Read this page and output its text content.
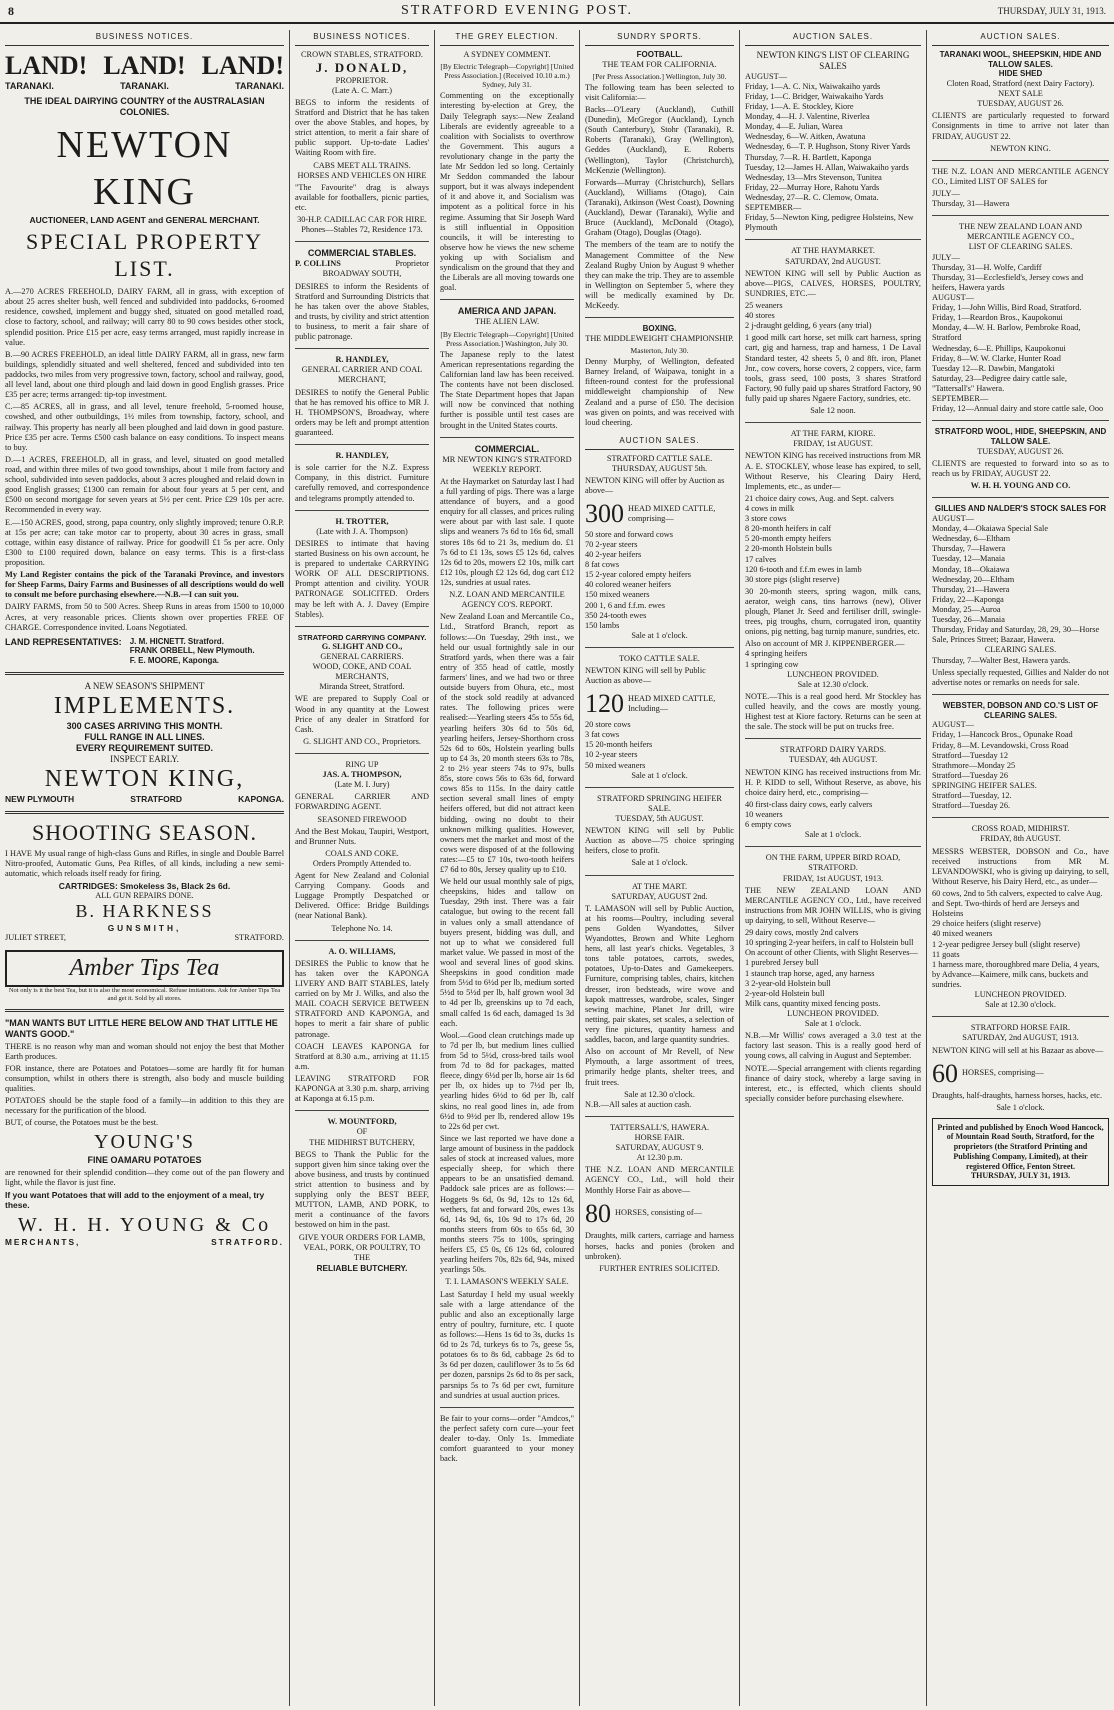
8	STRATFORD EVENING POST.	THURSDAY, JULY 31, 1913.
BUSINESS NOTICES.
LAND! LAND! LAND!
TARANAKI.	TARANAKI.	TARANAKI.
THE IDEAL DAIRYING COUNTRY of the AUSTRALASIAN COLONIES.
NEWTON KING
AUCTIONEER, LAND AGENT and GENERAL MERCHANT.
SPECIAL PROPERTY LIST.

A.—270 ACRES FREEHOLD, DAIRY FARM, all in grass, with exception of about 25 acres shelter bush, well fenced and subdivided into paddocks, 6-roomed residence, cowshed, implement and buggy shed, situated on good metalled road, close to factory, school, and railway; will carry 80 to 90 cows besides other stock, splendid position. Price £15 per acre, easy terms arranged, must rapidly increase in value.

B.—90 ACRES FREEHOLD, an ideal little DAIRY FARM, all in grass, new farm buildings, splendidly situated and well sheltered, fenced and subdivided into ten paddocks, two miles from very progressive town, factory, school and railway, good, all level land, about one third plough and laid down in good English grasses. Price £35 per acre; terms arranged: tip-top investment.

C.—85 ACRES, all in grass, and all level, tenure freehold, 5-roomed house, cowshed, and other outbuildings, 1½ miles from township, factory, school, and railway. This property has nearly all been ploughed and laid down in good pasture. Price £35 per acre. Terms £500 cash balance on easy conditions. To inspect means to buy.

D.—1 ACRES, FREEHOLD, all in grass, and level, situated on good metalled road, and within three miles of two good townships, about 1 mile from factory and school, subdivided into seven paddocks, about 3 acres ploughed and relaid down in good English grasses; £1300 can remain for about four years at 5 per cent, and £500 on second mortgage for seven years at 5½ per cent. Price £29 10s per acre. Recommended in every way.

E.—150 ACRES, good, strong, papa country, only slightly improved; tenure O.R.P. at 15s per acre; can take motor car to property, about 30 acres in grass, small cottage, within easy distance of railway. Price for goodwill £1 5s per acre. Only £300 to £100 required down, balance on easy terms. This is a first-class proposition.

My Land Register contains the pick of the Taranaki Province, and investors for Sheep Farms, Dairy Farms and Businesses of all descriptions would do well to consult me before purchasing elsewhere.—N.B.—I can suit you.

DAIRY FARMS, from 50 to 500 Acres. Sheep Runs in areas from 1500 to 10,000 Acres, at very reasonable prices. Clients shown over properties FREE OF CHARGE. Correspondence invited. Loans Negotiated.

LAND REPRESENTATIVES: J. M. HICNETT. Stratford.
FRANK ORBELL, New Plymouth.
F. E. MOORE, Kaponga.
A NEW SEASON'S SHIPMENT
IMPLEMENTS.
300 CASES ARRIVING THIS MONTH.
FULL RANGE IN ALL LINES.
EVERY REQUIREMENT SUITED.
INSPECT EARLY.
NEWTON KING,
NEW PLYMOUTH	STRATFORD	KAPONGA.
SHOOTING SEASON.

I HAVE My usual range of high-class Guns and Rifles, in single and Double Barrel Nitro-proofed, Automatic Guns, Pea Rifles, of all kinds, including a new semi-automatic, which reloads itself ready for firing.

CARTRIDGES: Smokeless 3s, Black 2s 6d.
ALL GUN REPAIRS DONE.
B. HARKNESS
GUNSMITH,
JULIET STREET,	STRATFORD.
Amber Tips Tea
Not only is it the best Tea, but it is also the most economical. Refuse imitations. Ask for Amber Tips Tea and get it. Sold by all stores.
"MAN WANTS BUT LITTLE HERE BELOW AND THAT LITTLE HE WANTS GOOD."

THERE is no reason why man and woman should not enjoy the best that Mother Earth produces.

FOR instance, there are Potatoes and Potatoes—some are hardly fit for human consumption, whilst in others there is strength, also body and muscle building qualities.

POTATOES should be the staple food of a family—in addition to this they are necessary for the purification of the blood.

BUT, of course, the Potatoes must be the best.

YOUNG'S
FINE OAMARU POTATOES

are renowned for their splendid condition—they come out of the pan flowery and light, while the flavor is just fine.

If you want Potatoes that will add to the enjoyment of a meal, try these.

W. H. H. YOUNG & Co
MERCHANTS,	STRATFORD.
BUSINESS NOTICES.
CROWN STABLES, STRATFORD.
J. DONALD,
PROPRIETOR.
(Late A. C. Marr.)

BEGS to inform the residents of Stratford and District that he has taken over the above Stables, and hopes, by strict attention, to merit a fair share of public support. Up-to-date Ladies' Waiting Room with fire.

CABS MEET ALL TRAINS.
HORSES AND VEHICLES ON HIRE

"The Favourite" drag is always available for footballers, picnic parties, etc.

30-H.P. CADILLAC CAR FOR HIRE.
Phones—Stables 72, Residence 173.
COMMERCIAL STABLES.
P. COLLINS	Proprietor
BROADWAY SOUTH,

DESIRES to inform the Residents of Stratford and Surrounding Districts that he has taken over the above Stables, and trusts, by civility and strict attention to business, to merit a fair share of public patronage.

R. HANDLEY,
GENERAL CARRIER AND COAL MERCHANT,

DESIRES to notify the General Public that he has removed his office to MR J. H. THOMPSON'S, Broadway, where orders may be left and prompt attention guaranteed.

R. HANDLEY,

is sole carrier for the N.Z. Express Company, in this district. Furniture carefully removed, and correspondence and telegrams promptly attended to.

H. TROTTER,
(Late with J. A. Thompson)

DESIRES to intimate that having started Business on his own account, he is prepared to undertake CARRYING WORK OF ALL DESCRIPTIONS. Prompt attention and civility. YOUR PATRONAGE SOLICITED. Orders may be left with A. J. Davey (Empire Stables).

STRATFORD CARRYING COMPANY.
G. SLIGHT AND CO.,
GENERAL CARRIERS.
WOOD, COKE, AND COAL MERCHANTS,
Miranda Street, Stratford.

WE are prepared to Supply Coal or Wood in any quantity at the Lowest Price of any dealer in Stratford for Cash.

G. SLIGHT AND CO., Proprietors.
RING UP
JAS. A. THOMPSON,
(Late M. I. Jury)

GENERAL CARRIER AND FORWARDING AGENT.

SEASONED FIREWOOD

And the Best Mokau, Taupiri, Westport, and Brunner Nuts.

COALS AND COKE.
Orders Promptly Attended to.

Agent for New Zealand and Colonial Carrying Company. Goods and Luggage Promptly Despatched or Delivered. Office: Bridge Buildings (near National Bank).

Telephone No. 14.
A. O. WILLIAMS,

DESIRES the Public to know that he has taken over the KAPONGA LIVERY AND BAIT STABLES, lately carried on by Mr J. Wilks, and also the MAIL COACH SERVICE BETWEEN STRATFORD AND KAPONGA, and hopes to merit a fair share of public patronage.

COACH LEAVES KAPONGA for Stratford at 8.30 a.m., arriving at 11.15 a.m.

LEAVING STRATFORD FOR KAPONGA at 3.30 p.m. sharp, arriving at Kaponga at 6.15 p.m.

W. MOUNTFORD,
OF
THE MIDHIRST BUTCHERY,

BEGS to Thank the Public for the support given him since taking over the above business, and trusts by continued strict attention to business and by supplying only the BEST BEEF, MUTTON, LAMB, AND PORK, to merit a continuance of the favors bestowed on him in the past.

GIVE YOUR ORDERS FOR LAMB, VEAL, PORK, OR POULTRY, TO THE
RELIABLE BUTCHERY.
THE GREY ELECTION.
A SYDNEY COMMENT.

[By Electric Telegraph—Copyright] [United Press Association.] (Received 10.10 a.m.) Sydney, July 31.

Commenting on the exceptionally interesting by-election at Grey, the Daily Telegraph says:—New Zealand Liberals are evidently agreeable to a coalition with Socialists to overthrow the Government. This augurs a revolutionary change in the party the late Mr Seddon led so long. Certainly Mr Seddon commanded the labour support, but it was always independent of it and above it, and Socialism was impotent as a political force in his regime. Assuming that Sir Joseph Ward is still influential in Opposition councils, it will be interesting to observe how he views the new scheme yoking up with Socialism and syndicalism on the ground that they and the Liberals are all moving towards one goal.

AMERICA AND JAPAN.
THE ALIEN LAW.

[By Electric Telegraph—Copyright] [United Press Association.] Washington, July 30.

The Japanese reply to the latest American representations regarding the Californian land law has been received. The contents have not been disclosed. The State Department hopes that Japan will now be convinced that nothing further is possible until test cases are brought in the United States courts.

COMMERCIAL.
MR NEWTON KING'S STRATFORD WEEKLY REPORT.

At the Haymarket on Saturday last I had a full yarding of pigs. There was a large attendance of buyers, and a good enquiry for all classes, and prices ruling were about par with last sale. I quote slips and weaners 7s 6d to 16s 6d, small stores 18s 6d to 21 3s, medium do. £1 7s 6d to £1 13s, sows £5 12s 6d, calves 12s 6d to 20s, mowers £2 10s, milk cart £12 10s, plough £2 12s 6d, dog cart £12 12s, sundries at usual rates.

N.Z. LOAN AND MERCANTILE AGENCY CO'S. REPORT.

New Zealand Loan and Mercantile Co., Ltd., Stratford Branch, report as follows:—On Tuesday, 29th inst., we held our usual fortnightly sale in our Stratford yards, when there was a fair entry of 355 head of cattle, mostly farmers' lines, and we had two or three outside buyers from Ohura, etc., most of the stock sold readily at advanced rates. The following prices were realised:—Yearling steers 45s to 55s 6d, yearling heifers 30s 6d to 50s 6d, yearling heifers, Jersey-Shorthorn cross 52s 6d to 60s, Holstein yearling bulls up to £4 3s, 20 month steers 63s to 78s, 2 to 2½ year steers 74s to 97s, bulls 85s, store cows 56s to 63s 6d, forward cows 85s to 115s. In the dairy cattle section several small lines of empty heifers offered, but did not attract keen bidding, owing no doubt to their unknown milking qualities. However, owners met the market and most of the cows were disposed of at the following rates:—£5 to £7 10s, two-tooth heifers £7 6d to 80s, Jersey quality up to £10.

We held our usual monthly sale of pigs, cheepskins, hides and tallow on Tuesday, 29th inst. There was a fair catalogue, but owing to the recent fall in values only a small attendance of buyers present, bidding was dull, and not up to what we considered full market value. We passed in most of the wool and several lines of good skins. Sheepskins in good condition made from 5½d to 6½d per lb, medium sorted 5½d to 5½d per lb, half grown wool 3d to 4d per lb, greenskins up to 7d each, small calfed 1s 6d each, damaged 1s 3d each.

Wool.—Good clean crutchings made up to 7d per lb, but medium lines cullied from 5d to 5½d, cross-bred tails wool from 7d to 8d for packages, matted fleece, dingy 6½d per lb, horse air 1s 6d per lb, ox hides up to 7½d per lb, yearling hides 6½d to 6d per lb, calf skins, no real good lines in, ade from 6½d to 9½d per lb, rendered allow 19s to 22s 6d per cwt.

Since we last reported we have done a large amount of business in the paddock sales of stock at increased values, more especially sheep, for which there appears to be an unsatisfied demand. Paddock sale prices are as follows:—Hoggets 9s 6d, 0s 9d, 12s to 12s 6d, wethers, fat and forward 20s, ewes 13s 6d, 14s 9d, 6s, 10s 9d to 17s 6d, 20 months steers from 60s to 65s 6d, 30 months steers 75s to 100s, springing heifers £5, £5 0s, £6 12s 6d, coloured yearling heifers 70s, 82s 6d, 94s, mixed yearlings 50s.

T. I. LAMASON'S WEEKLY SALE.

Last Saturday I held my usual weekly sale with a large attendance of the public and also an exceptionally large entry of poultry, furniture, etc. I quote as follows:—Hens 1s 6d to 3s, ducks 1s 6d to 2s 7d, turkeys 6s to 7s, geese 5s, potatoes 6s to 8s 6d, cabbage 2s 6d to 3s 6d per dozen, cauliflower 3s to 5s 6d per dozen, parsnips 2s 6d to 8s per sack, parsnips 5s to 7s 6d per cwt, furniture and sundries at usual auction prices.

Be fair to your corns—order "Amdcos," the perfect safety corn cure—your feet dealer to-day. Only 1s. Immediate comfort guaranteed to your money back.

SUNDRY SPORTS.
FOOTBALL.
THE TEAM FOR CALIFORNIA.

[Per Press Association.] Wellington, July 30.

The following team has been selected to visit California:—

Backs—O'Leary (Auckland), Cuthill (Dunedin), McGregor (Auckland), Lynch (South Canterbury), Stohr (Taranaki), R. Roberts (Taranaki), Gray (Wellington), Geddes (Auckland), E. Roberts (Wellington), Taylor (Christchurch), McKenzie (Wellington).

Forwards—Murray (Christchurch), Sellars (Auckland), Williams (Otago), Cain (Taranaki), Atkinson (West Coast), Downing (Auckland), Dewar (Taranaki), Wylie and Bruce (Auckland), McDonald (Otago), Graham (Otago), Douglas (Otago).

The members of the team are to notify the Management Committee of the New Zealand Rugby Union by August 9 whether they can make the trip. They are to assemble in Wellington on September 5, where they will be medically examined by Dr. McKeedy.

BOXING.
THE MIDDLEWEIGHT CHAMPIONSHIP.

Masterton, July 30.

Denny Murphy, of Wellington, defeated Barney Ireland, of Waipawa, tonight in a fifteen-round contest for the professional middleweight championship of New Zealand and a purse of £50. The decision was given on points, and was received with loud cheering.

AUCTION SALES.
STRATFORD CATTLE SALE.
THURSDAY, AUGUST 5th.

NEWTON KING will offer by Auction as above—

300 HEAD MIXED CATTLE, comprising—
50 store and forward cows
70 2-year steers
40 2-year heifers
8 fat cows
15 2-year colored empty heifers
40 colored weaner heifers
150 mixed weaners
200 1, 6 and f.f.m. ewes
350 24-tooth ewes
150 lambs
Sale at 1 o'clock.
TOKO CATTLE SALE.

NEWTON KING will sell by Public Auction as above—

120 HEAD MIXED CATTLE, Including—
20 store cows
3 fat cows
15 20-month heifers
10 2-year steers
50 mixed weaners
Sale at 1 o'clock.
STRATFORD SPRINGING HEIFER SALE.
TUESDAY, 5th AUGUST.

NEWTON KING will sell by Public Auction as above—75 choice springing heifers, close to profit.

Sale at 1 o'clock.
AT THE MART.
SATURDAY, AUGUST 2nd.

T. LAMASON will sell by Public Auction, at his rooms—Poultry, including several pens Golden Wyandottes, Silver Wyandottes, Brown and White Leghorn hens, all last year's chicks. Vegetables, 3 tons table potatoes, carrots, swedes, potatoes, Up-to-Dates and Gamekeepers. Furniture, comprising tables, chairs, kitchen dresser, iron bedsteads, wire wove and kapok mattresses, wardrobe, scales, Singer sewing machine, Planet Jnr drill, wire netting, pair skates, set scales, a selection of very fine pictures, quantity harness and saddles, bacon, and large quantity sundries.

Also on account of Mr Revell, of New Plymouth, a large assortment of trees, primarily hedge plants, shelter trees, and fruit trees.

Sale at 12.30 o'clock.
N.B.—All sales at auction cash.
TATTERSALL'S, HAWERA.
HORSE FAIR.
SATURDAY, AUGUST 9.
At 12.30 p.m.

THE N.Z. LOAN AND MERCANTILE AGENCY CO., Ltd., will hold their Monthly Horse Fair as above—

80 HORSES, consisting of—

Draughts, milk carters, carriage and harness horses, hacks and ponies (broken and unbroken).

FURTHER ENTRIES SOLICITED.
AUCTION SALES.
NEWTON KING'S LIST OF CLEARING SALES
AUGUST—
Friday, 1—A. C. Nix, Waiwakaiho yards
Friday, 1—C. Bridger, Waiwakaiho Yards
Friday, 1—A. E. Stockley, Kiore
Monday, 4—H. J. Valentine, Riverlea
Monday, 4—E. Julian, Warea
Wednesday, 6—W. Aitken, Awatuna
Wednesday, 6—T. P. Hughson, Stony River Yards
Thursday, 7—R. H. Bartlett, Kaponga
Tuesday, 12—James H. Allan, Waiwakaiho yards
Wednesday, 13—Mrs Stevenson, Tunitea
Friday, 22—Murray Hore, Rahotu Yards
Wednesday, 27—R. C. Clemow, Omata.
SEPTEMBER—
Friday, 5—Newton King, pedigree Holsteins, New Plymouth
AT THE HAYMARKET.
SATURDAY, 2nd AUGUST.

NEWTON KING will sell by Public Auction as above—PIGS, CALVES, HORSES, POULTRY, SUNDRIES, ETC.—

25 weaners
40 stores
2 j-draught gelding, 6 years (any trial)

1 good milk cart horse, set milk cart harness, spring cart, gig and harness, trap and harness, 1 De Laval Standard tester, 42 sheets 5, 0 and 8ft. iron, Planet Jnr., cow covers, horse covers, 2 coppers, vice, farm tools, grass seed, 100 posts, 3 shares Stratford Factory, 90 fully paid up shares Stratford Factory, 90 fully paid up shares Ngaere Factory, sundries, etc.

Sale 12 noon.
AT THE FARM, KIORE.
FRIDAY, 1st AUGUST.

NEWTON KING has received instructions from MR A. E. STOCKLEY, whose lease has expired, to sell, Without Reserve, his Clearing Dairy Herd, Implements, etc., as under—

21 choice dairy cows, Aug. and Sept. calvers
4 cows in milk
3 store cows
8 20-month heifers in calf
5 20-month empty heifers
2 20-month Holstein bulls
17 calves
120 6-tooth and f.f.m ewes in lamb
30 store pigs (slight reserve)

30 20-month steers, spring wagon, milk cans, aerator, weigh cans, tins harrows (new), Oliver plough, Planet Jr. Seed and fertiliser drill, swingle-trees, pig troughs, churn, corrugated iron, quantity onions, pig netting, bag turnip manure, sundries, etc.

Also on account of MR J. KIPPENBERGER.—
4 springing heifers
1 springing cow
LUNCHEON PROVIDED.
Sale at 12.30 o'clock.

NOTE.—This is a real good herd. Mr Stockley has culled heavily, and the cows are mostly young. Highest test at Kiore factory. Returns can be seen at the sale. The stock will be put on trucks free.

STRATFORD DAIRY YARDS.
TUESDAY, 4th AUGUST.

NEWTON KING has received instructions from Mr. H. P. KIDD to sell, Without Reserve, as above, his choice dairy herd, etc., comprising—

40 first-class dairy cows, early calvers
10 weaners
6 empty cows
Sale at 1 o'clock.
ON THE FARM, UPPER BIRD ROAD, STRATFORD.
FRIDAY, 1st AUGUST, 1913.

THE NEW ZEALAND LOAN AND MERCANTILE AGENCY CO., Ltd., have received instructions from MR JOHN WILLIS, who is giving up dairying, to sell, Without Reserve—

29 dairy cows, mostly 2nd calvers
10 springing 2-year heifers, in calf to Holstein bull
On account of other Clients, with Slight Reserves—
1 purebred Jersey bull
1 staunch trap horse, aged, any harness
3 2-year-old Holstein bull
2-year-old Holstein bull
Milk cans, quantity mixed fencing posts.
LUNCHEON PROVIDED.
Sale at 1 o'clock.

N.B.—Mr Willis' cows averaged a 3.0 test at the factory last season. This is a really good herd of young cows, all calving in August and September.

NOTE.—Special arrangement with clients regarding finance of dairy stock, whereby a large saving in interest, etc., is effected, which clients should specially consider before purchasing elsewhere.

AUCTION SALES.
TARANAKI WOOL, SHEEPSKIN, HIDE AND TALLOW SALES.
HIDE SHED
Cloten Road, Stratford (next Dairy Factory).
NEXT SALE
TUESDAY, AUGUST 26.

CLIENTS are particularly requested to forward Consignments in time to arrive not later than FRIDAY, AUGUST 22.

NEWTON KING.

THE N.Z. LOAN AND MERCANTILE AGENCY CO., Limited LIST OF SALES for

JULY—
Thursday, 31—Hawera
THE NEW ZEALAND LOAN AND MERCANTILE AGENCY CO.,
LIST OF CLEARING SALES.
JULY—
Thursday, 31—H. Wolfe, Cardiff
Thursday, 31—Ecclesfield's, Jersey cows and heifers, Hawera yards
AUGUST—
Friday, 1—John Willis, Bird Road, Stratford.
Friday, 1—Reardon Bros., Kaupokonui
Monday, 4—W. H. Barlow, Pembroke Road, Stratford
Wednesday, 6—E. Phillips, Kaupokonui
Friday, 8—W. W. Clarke, Hunter Road
Tuesday 12—R. Dawbin, Mangatoki
Saturday, 23—Pedigree dairy cattle sale, "Tattersall's" Hawera.
SEPTEMBER—
Friday, 12—Annual dairy and store cattle sale, Ooo
STRATFORD WOOL, HIDE, SHEEPSKIN, AND TALLOW SALE.
TUESDAY, AUGUST 26.

CLIENTS are requested to forward into so as to reach us by FRIDAY, AUGUST 22.

W. H. H. YOUNG AND CO.
GILLIES AND NALDER'S STOCK SALES FOR
AUGUST—
Monday, 4—Okaiawa Special Sale
Wednesday, 6—Eltham
Thursday, 7—Hawera
Tuesday, 12—Manaia
Monday, 18—Okaiawa
Wednesday, 20—Eltham
Thursday, 21—Hawera
Friday, 22—Kaponga
Monday, 25—Auroa
Tuesday, 26—Manaia
Thursday, Friday and Saturday, 28, 29, 30—Horse Sale, Princes Street; Bazaar, Hawera.
CLEARING SALES.
Thursday, 7—Walter Best, Hawera yards.

Unless specially requested, Gillies and Nalder do not advertise notes or remarks on needs for sale.

WEBSTER, DOBSON AND CO.'S LIST OF CLEARING SALES.
AUGUST—
Friday, 1—Hancock Bros., Opunake Road
Friday, 8—M. Levandowski, Cross Road
Stratford—Tuesday 12
Strathmore—Monday 25
Stratford—Tuesday 26
SPRINGING HEIFER SALES.
Stratford—Tuesday, 12.
Stratford—Tuesday 26.
CROSS ROAD, MIDHIRST.
FRIDAY, 8th AUGUST.

MESSRS WEBSTER, DOBSON and Co., have received instructions from MR M. LEVANDOWSKI, who is giving up dairying, to sell, Without Reserve, his Dairy Herd, etc., as under—

60 cows, 2nd to 5th calvers, expected to calve Aug. and Sept. Two-thirds of herd are Jerseys and Holsteins
29 choice heifers (slight reserve)
40 mixed weaners
1 2-year pedigree Jersey bull (slight reserve)
11 goats
1 harness mare, thoroughbred mare Delia, 4 years, by Advance—Kaimere, milk cans, buckets and sundries.
LUNCHEON PROVIDED.
Sale at 12.30 o'clock.
STRATFORD HORSE FAIR.
SATURDAY, 2nd AUGUST, 1913.

NEWTON KING will sell at his Bazaar as above—

60 HORSES, comprising—

Draughts, half-draughts, harness horses, hacks, etc.

Sale 1 o'clock.
Printed and published by Enoch Wood Hancock, of Mountain Road South, Stratford, for the proprietors (the Stratford Printing and Publishing Company, Limited), at their registered Office, Fenton Street.
THURSDAY, JULY 31, 1913.
